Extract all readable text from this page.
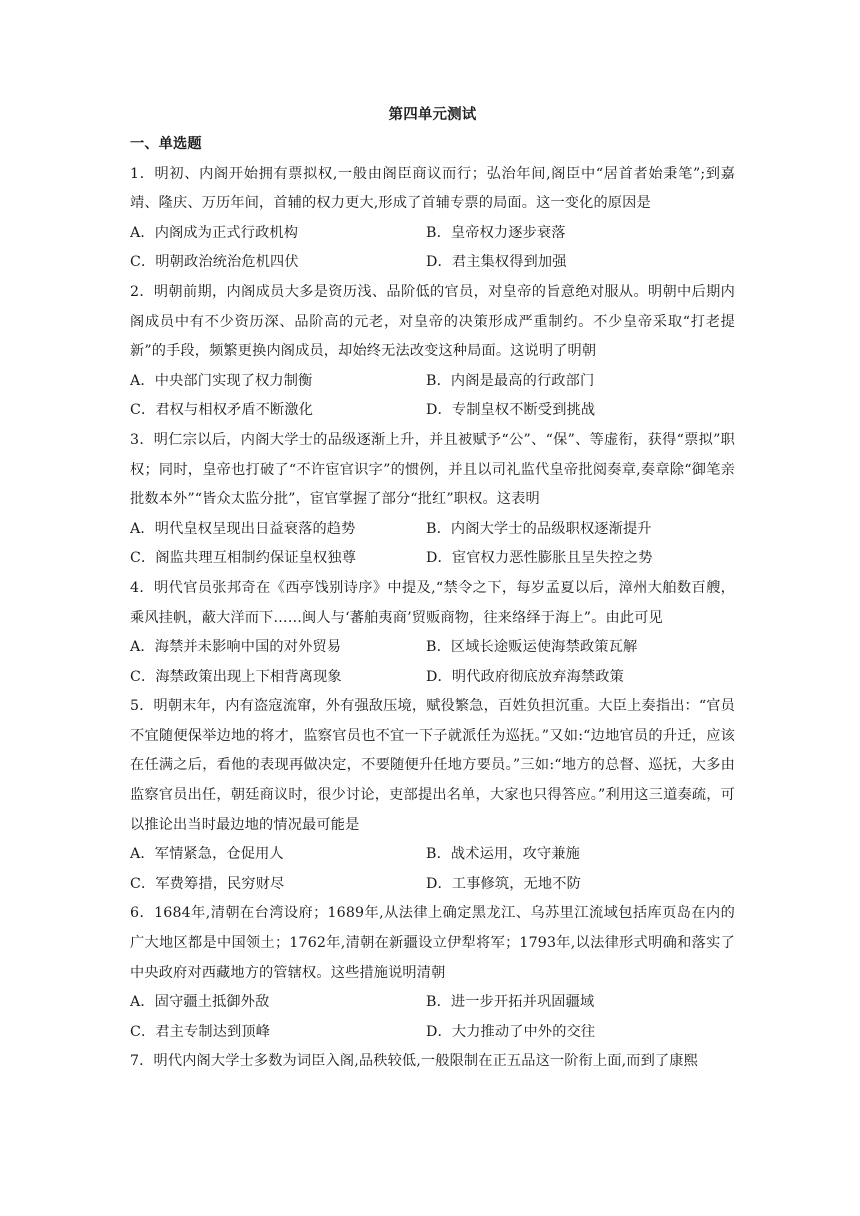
第四单元测试
一、单选题

1．明初、内阁开始拥有票拟权,一般由阁臣商议而行；弘治年间,阁臣中“居首者始秉笔”;到嘉靖、隆庆、万历年间，首辅的权力更大,形成了首辅专票的局面。这一变化的原因是

A．内阁成为正式行政机构	B．皇帝权力逐步衰落
C．明朝政治统治危机四伏	D．君主集权得到加强

2．明朝前期，内阁成员大多是资历浅、品阶低的官员，对皇帝的旨意绝对服从。明朝中后期内阁成员中有不少资历深、品阶高的元老，对皇帝的决策形成严重制约。不少皇帝采取“打老提新”的手段，频繁更换内阁成员，却始终无法改变这种局面。这说明了明朝

A．中央部门实现了权力制衡	B．内阁是最高的行政部门
C．君权与相权矛盾不断激化	D．专制皇权不断受到挑战

3．明仁宗以后，内阁大学士的品级逐渐上升，并且被赋予“公”、“保”、等虚衔，获得“票拟”职权；同时，皇帝也打破了“不许宦官识字”的惯例，并且以司礼监代皇帝批阅奏章,奏章除“御笔亲批数本外”“皆众太监分批”，宦官掌握了部分“批红”职权。这表明

A．明代皇权呈现出日益衰落的趋势	B．内阁大学士的品级职权逐渐提升
C．阁监共理互相制约保证皇权独尊	D．宦官权力恶性膨胀且呈失控之势

4．明代官员张邦奇在《西亭饯别诗序》中提及,“禁令之下，每岁孟夏以后，漳州大舶数百艘，乘风挂帆，蔽大洋而下……闽人与‘蕃舶夷商’贸贩商物，往来络绎于海上”。由此可见

A．海禁并未影响中国的对外贸易	B．区域长途贩运使海禁政策瓦解
C．海禁政策出现上下相背离现象	D．明代政府彻底放弃海禁政策

5．明朝末年，内有盗寇流窜，外有强敌压境，赋役繁急，百姓负担沉重。大臣上奏指出：“官员不宜随便保举边地的将才，监察官员也不宜一下子就派任为巡抚。”又如:“边地官员的升迁，应该在任满之后，看他的表现再做决定，不要随便升任地方要员。”三如:“地方的总督、巡抚，大多由监察官员出任，朝廷商议时，很少讨论，吏部提出名单，大家也只得答应。”利用这三道奏疏，可以推论出当时最边地的情况最可能是

A．军情紧急，仓促用人	B．战术运用，攻守兼施
C．军费筹措，民穷财尽	D．工事修筑，无地不防

6．1684年,清朝在台湾设府；1689年,从法律上确定黑龙江、乌苏里江流域包括库页岛在内的广大地区都是中国领土；1762年,清朝在新疆设立伊犁将军；1793年,以法律形式明确和落实了中央政府对西藏地方的管辖权。这些措施说明清朝

A．固守疆土抵御外敌	B．进一步开拓并巩固疆域
C．君主专制达到顶峰	D．大力推动了中外的交往

7．明代内阁大学士多数为词臣入阁,品秩较低,一般限制在正五品这一阶衔上面,而到了康熙
